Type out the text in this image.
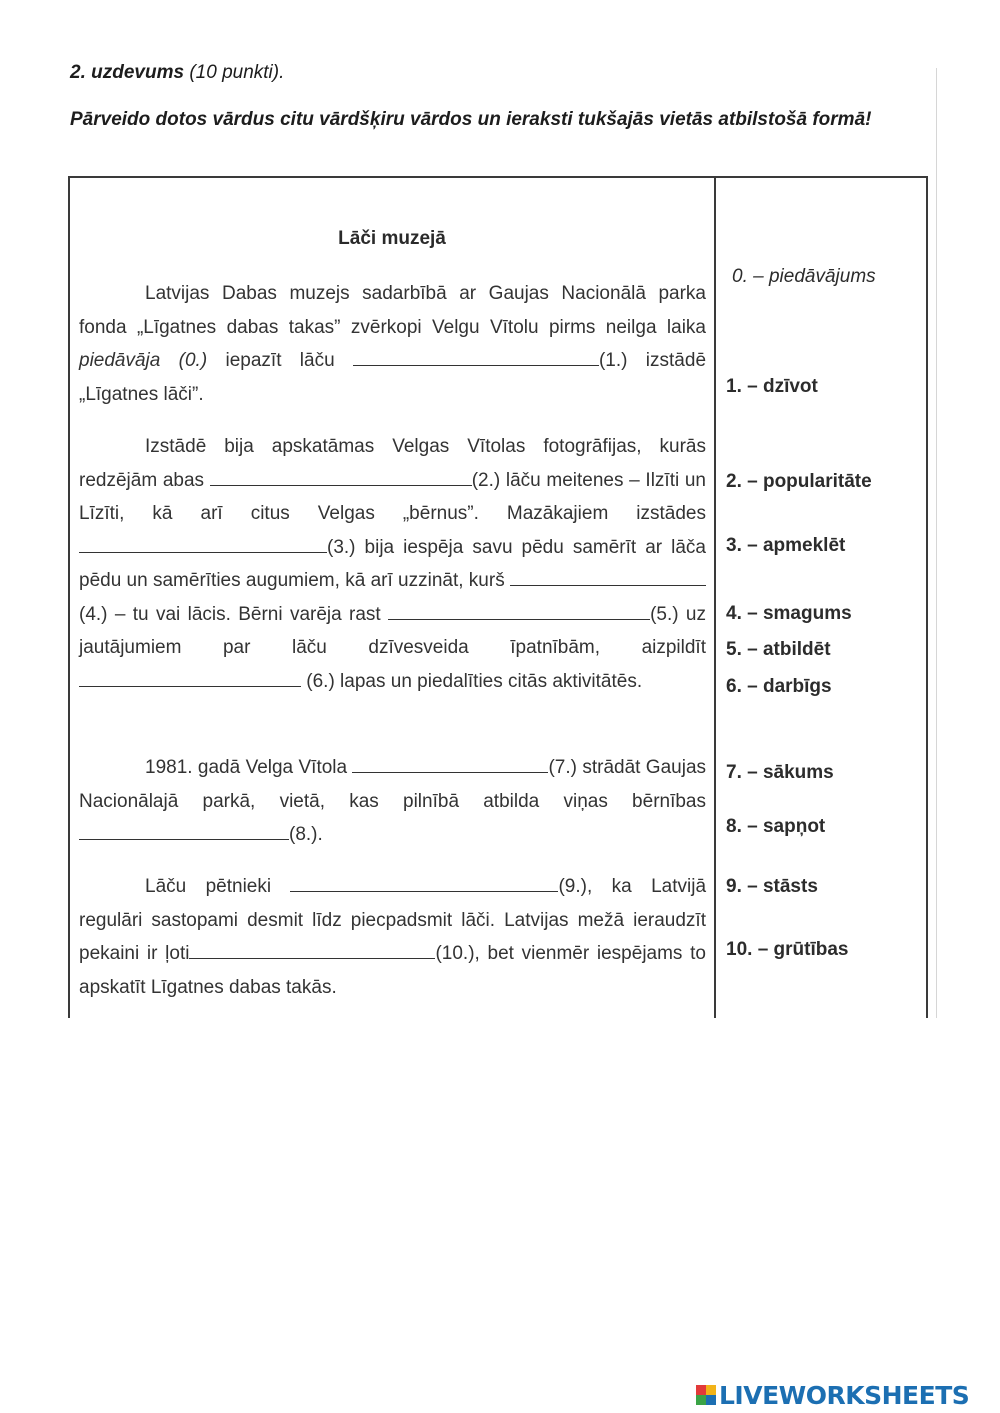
2. uzdevums (10 punkti).
Pārveido dotos vārdus citu vārdšķiru vārdos un ieraksti tukšajās vietās atbilstošā formā!
Lāči muzejā
Latvijas Dabas muzejs sadarbībā ar Gaujas Nacionālā parka fonda „Līgatnes dabas takas” zvērkopi Velgu Vītolu pirms neilga laika piedāvāja (0.) iepazīt lāču	(1.) izstādē „Līgatnes lāči”.
Izstādē bija apskatāmas Velgas Vītolas fotogrāfijas, kurās redzējām abas	(2.) lāču meitenes – Ilzīti un Līzīti, kā arī citus Velgas „bērnus”. Mazākajiem izstādes (3.) bija iespēja savu pēdu samērīt ar lāča pēdu un samērīties augumiem, kā arī uzzināt, kurš (4.) – tu vai lācis. Bērni varēja rast	(5.) uz jautājumiem par lāču dzīvesveida īpatnībām, aizpildīt (6.) lapas un piedalīties citās aktivitātēs.
1981. gadā Velga Vītola	(7.) strādāt Gaujas Nacionālajā parkā, vietā, kas pilnībā atbilda viņas bērnības (8.).
Lāču pētnieki	(9.), ka Latvijā regulāri sastopami desmit līdz piecpadsmit lāči. Latvijas mežā ieraudzīt pekaini ir ļoti	(10.), bet vienmēr iespējams to apskatīt Līgatnes dabas takās.
0. – piedāvājums
1. – dzīvot
2. – popularitāte
3. – apmeklēt
4. – smagums
5. – atbildēt
6. – darbīgs
7. – sākums
8. – sapņot
9. – stāsts
10. – grūtības
LIVEWORKSHEETS
